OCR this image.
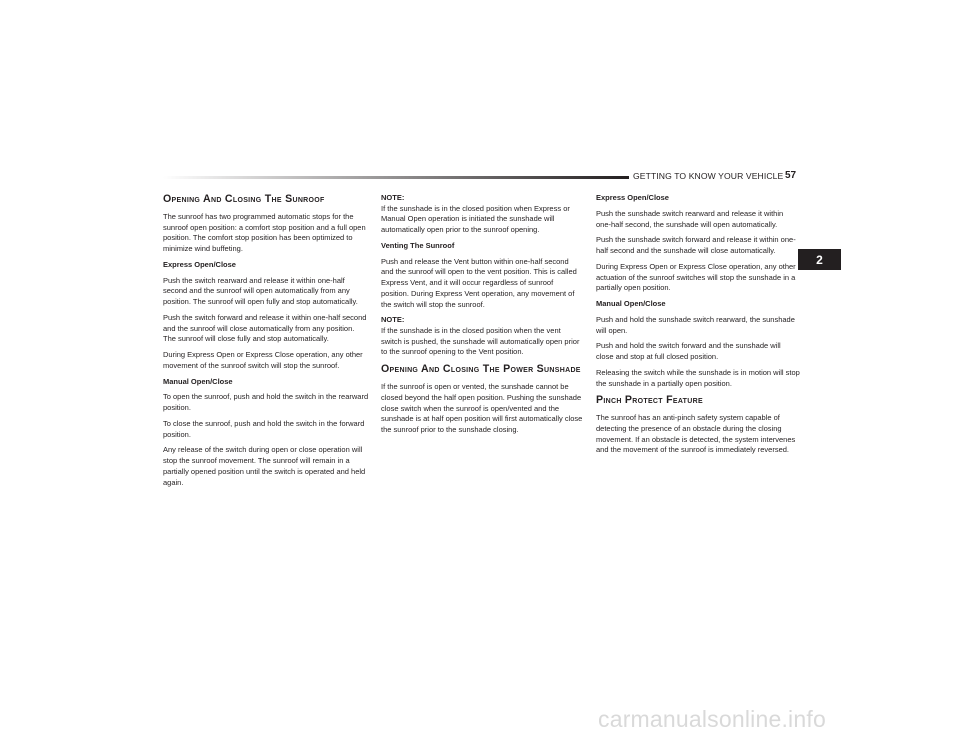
GETTING TO KNOW YOUR VEHICLE 57
2
Opening And Closing The Sunroof

The sunroof has two programmed automatic stops for the sunroof open position: a comfort stop position and a full open position. The comfort stop position has been optimized to minimize wind buffeting.

Express Open/Close

Push the switch rearward and release it within one-half second and the sunroof will open automatically from any position. The sunroof will open fully and stop automatically.

Push the switch forward and release it within one-half second and the sunroof will close automatically from any position. The sunroof will close fully and stop automatically.

During Express Open or Express Close operation, any other movement of the sunroof switch will stop the sunroof.

Manual Open/Close

To open the sunroof, push and hold the switch in the rearward position.

To close the sunroof, push and hold the switch in the forward position.

Any release of the switch during open or close operation will stop the sunroof movement. The sunroof will remain in a partially opened position until the switch is operated and held again.

NOTE:
If the sunshade is in the closed position when Express or Manual Open operation is initiated the sunshade will automatically open prior to the sunroof opening.

Venting The Sunroof

Push and release the Vent button within one-half second and the sunroof will open to the vent position. This is called Express Vent, and it will occur regardless of sunroof position. During Express Vent operation, any movement of the switch will stop the sunroof.

NOTE:
If the sunshade is in the closed position when the vent switch is pushed, the sunshade will automatically open prior to the sunroof opening to the Vent position.

Opening And Closing The Power Sunshade

If the sunroof is open or vented, the sunshade cannot be closed beyond the half open position. Pushing the sunshade close switch when the sunroof is open/vented and the sunshade is at half open position will first automatically close the sunroof prior to the sunshade closing.

Express Open/Close

Push the sunshade switch rearward and release it within one-half second, the sunshade will open automatically.

Push the sunshade switch forward and release it within one-half second and the sunshade will close automatically.

During Express Open or Express Close operation, any other actuation of the sunroof switches will stop the sunshade in a partially open position.

Manual Open/Close

Push and hold the sunshade switch rearward, the sunshade will open.

Push and hold the switch forward and the sunshade will close and stop at full closed position.

Releasing the switch while the sunshade is in motion will stop the sunshade in a partially open position.

Pinch Protect Feature

The sunroof has an anti-pinch safety system capable of detecting the presence of an obstacle during the closing movement. If an obstacle is detected, the system intervenes and the movement of the sunroof is immediately reversed.

carmanualsonline.info
